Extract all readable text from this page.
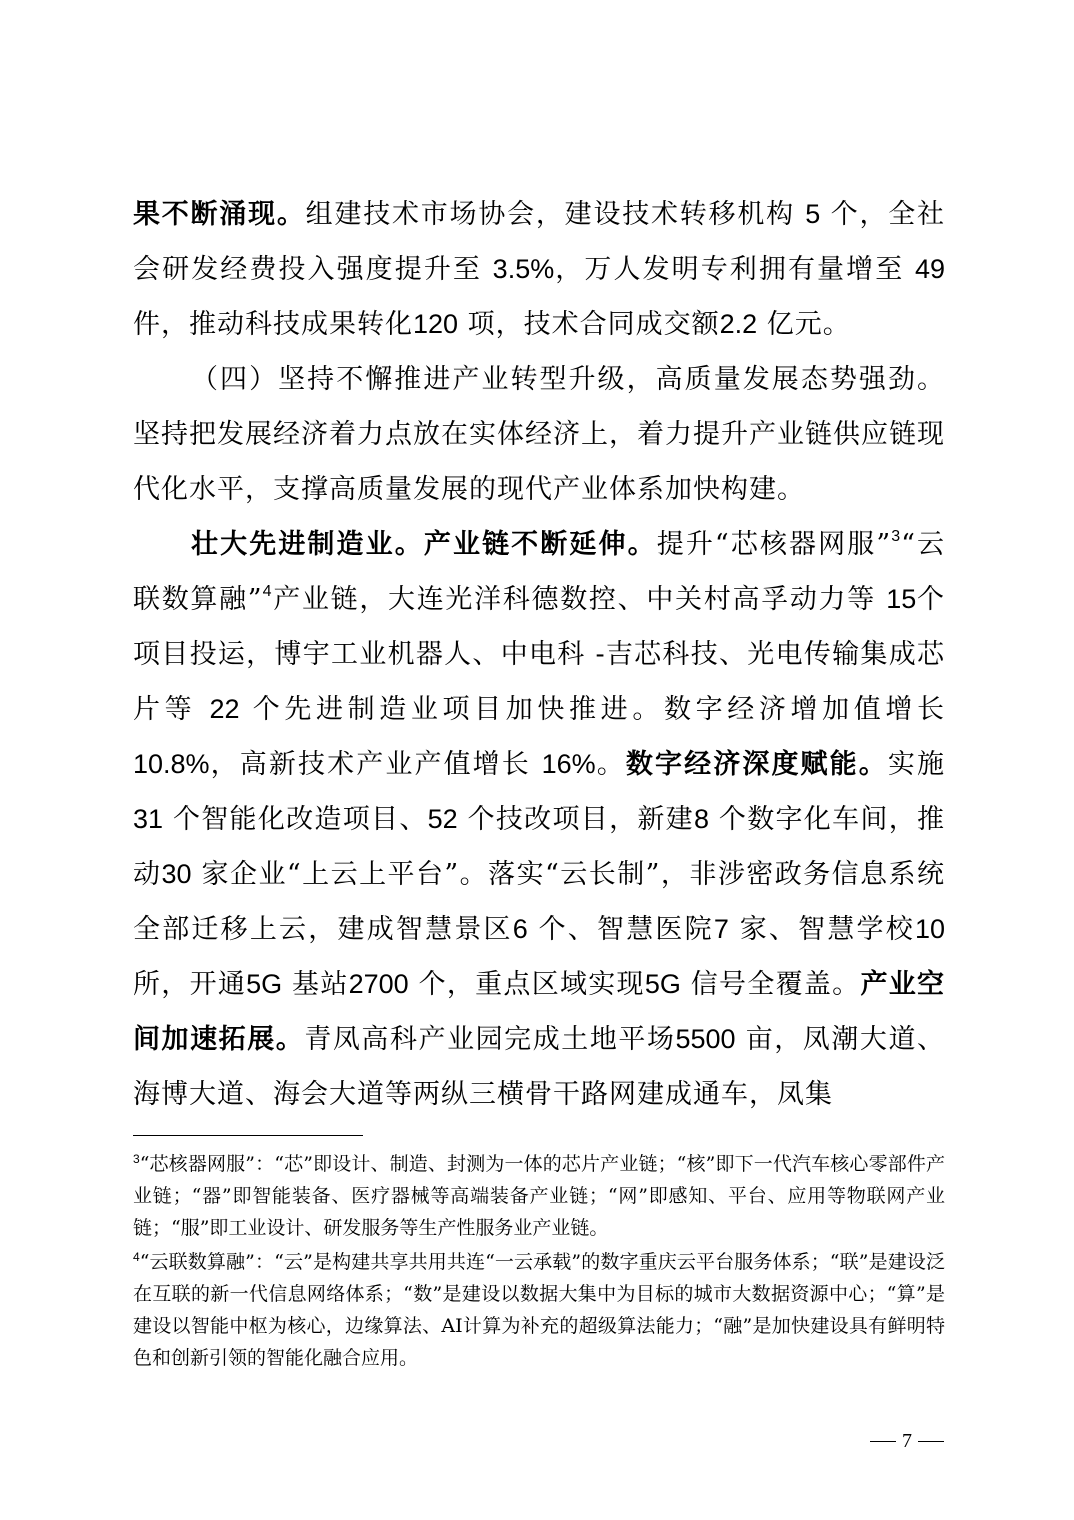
果不断涌现。组建技术市场协会，建设技术转移机构 5 个，全社会研发经费投入强度提升至 3.5%，万人发明专利拥有量增至 49 件，推动科技成果转化120 项，技术合同成交额2.2 亿元。

（四）坚持不懈推进产业转型升级，高质量发展态势强劲。坚持把发展经济着力点放在实体经济上，着力提升产业链供应链现代化水平，支撑高质量发展的现代产业体系加快构建。

壮大先进制造业。产业链不断延伸。提升“芯核器网服”$^3$“云联数算融”$^4$产业链，大连光洋科德数控、中关村高孚动力等 15个项目投运，博宇工业机器人、中电科 -吉芯科技、光电传输集成芯片等 22 个先进制造业项目加快推进。数字经济增加值增长10.8%，高新技术产业产值增长 16%。数字经济深度赋能。实施31 个智能化改造项目、52 个技改项目，新建8 个数字化车间，推动30 家企业“上云上平台”。落实“云长制”，非涉密政务信息系统全部迁移上云，建成智慧景区6 个、智慧医院7 家、智慧学校10 所，开通5G 基站2700 个，重点区域实现5G 信号全覆盖。产业空间加速拓展。青凤高科产业园完成土地平场5500 亩，凤潮大道、海博大道、海会大道等两纵三横骨干路网建成通车，凤集

$^3$“芯核器网服”：“芯”即设计、制造、封测为一体的芯片产业链；“核”即下一代汽车核心零部件产业链；“器”即智能装备、医疗器械等高端装备产业链；“网”即感知、平台、应用等物联网产业链；“服”即工业设计、研发服务等生产性服务业产业链。

$^4$“云联数算融”：“云”是构建共享共用共连“一云承载”的数字重庆云平台服务体系；“联”是建设泛在互联的新一代信息网络体系；“数”是建设以数据大集中为目标的城市大数据资源中心；“算”是建设以智能中枢为核心，边缘算法、AI计算为补充的超级算法能力；“融”是加快建设具有鲜明特色和创新引领的智能化融合应用。

7
